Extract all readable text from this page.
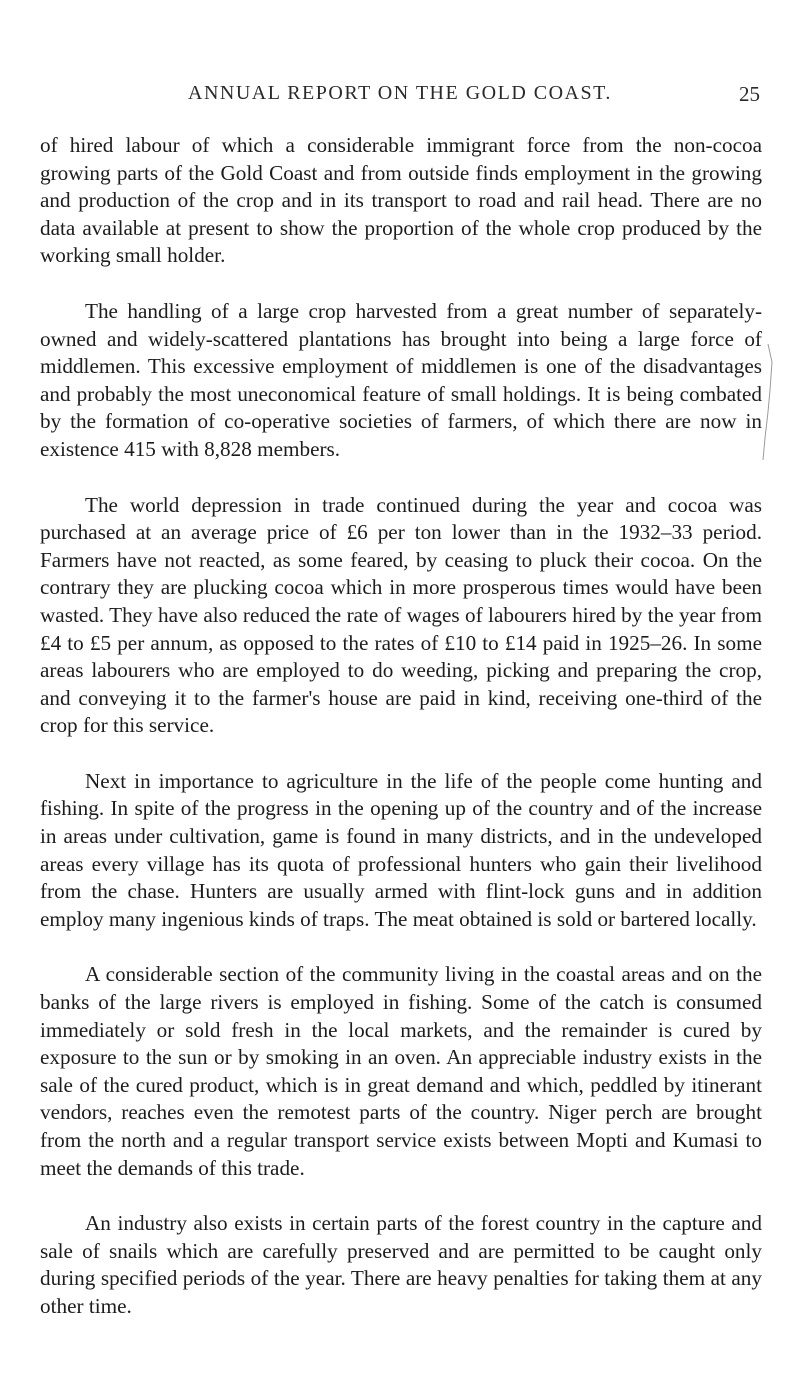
ANNUAL REPORT ON THE GOLD COAST.	25

of hired labour of which a considerable immigrant force from the non-cocoa growing parts of the Gold Coast and from outside finds employment in the growing and production of the crop and in its transport to road and rail head. There are no data available at present to show the proportion of the whole crop produced by the working small holder.

The handling of a large crop harvested from a great number of separately-owned and widely-scattered plantations has brought into being a large force of middlemen. This excessive employment of middlemen is one of the disadvantages and probably the most uneconomical feature of small holdings. It is being combated by the formation of co-operative societies of farmers, of which there are now in existence 415 with 8,828 members.

The world depression in trade continued during the year and cocoa was purchased at an average price of £6 per ton lower than in the 1932–33 period. Farmers have not reacted, as some feared, by ceasing to pluck their cocoa. On the contrary they are plucking cocoa which in more prosperous times would have been wasted. They have also reduced the rate of wages of labourers hired by the year from £4 to £5 per annum, as opposed to the rates of £10 to £14 paid in 1925–26. In some areas labourers who are employed to do weeding, picking and preparing the crop, and conveying it to the farmer's house are paid in kind, receiving one-third of the crop for this service.

Next in importance to agriculture in the life of the people come hunting and fishing. In spite of the progress in the opening up of the country and of the increase in areas under cultivation, game is found in many districts, and in the undeveloped areas every village has its quota of professional hunters who gain their livelihood from the chase. Hunters are usually armed with flint-lock guns and in addition employ many ingenious kinds of traps. The meat obtained is sold or bartered locally.

A considerable section of the community living in the coastal areas and on the banks of the large rivers is employed in fishing. Some of the catch is consumed immediately or sold fresh in the local markets, and the remainder is cured by exposure to the sun or by smoking in an oven. An appreciable industry exists in the sale of the cured product, which is in great demand and which, peddled by itinerant vendors, reaches even the remotest parts of the country. Niger perch are brought from the north and a regular transport service exists between Mopti and Kumasi to meet the demands of this trade.

An industry also exists in certain parts of the forest country in the capture and sale of snails which are carefully preserved and are permitted to be caught only during specified periods of the year. There are heavy penalties for taking them at any other time.
